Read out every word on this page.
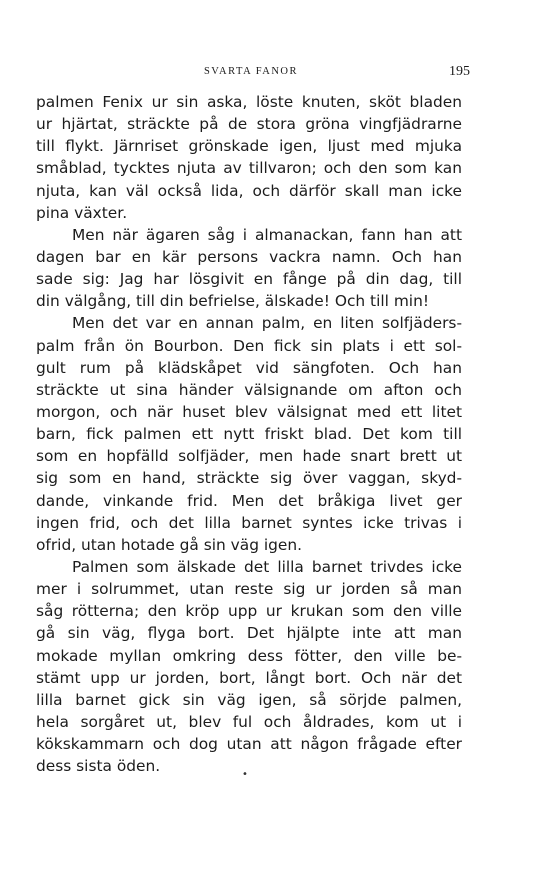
SVARTA FANOR	195
palmen Fenix ur sin aska, löste knuten, sköt bladen
ur hjärtat, sträckte på de stora gröna vingfjädrarne
till flykt. Järnriset grönskade igen, ljust med mjuka
småblad, tycktes njuta av tillvaron; och den som kan
njuta, kan väl också lida, och därför skall man icke
pina växter.
Men när ägaren såg i almanackan, fann han att
dagen bar en kär persons vackra namn. Och han
sade sig: Jag har lösgivit en fånge på din dag, till
din välgång, till din befrielse, älskade! Och till min!
Men det var en annan palm, en liten solfjäders-
palm från ön Bourbon. Den fick sin plats i ett sol-
gult rum på klädskåpet vid sängfoten. Och han
sträckte ut sina händer välsignande om afton och
morgon, och när huset blev välsignat med ett litet
barn, fick palmen ett nytt friskt blad. Det kom till
som en hopfälld solfjäder, men hade snart brett ut
sig som en hand, sträckte sig över vaggan, skyd-
dande, vinkande frid. Men det bråkiga livet ger
ingen frid, och det lilla barnet syntes icke trivas i
ofrid, utan hotade gå sin väg igen.
Palmen som älskade det lilla barnet trivdes icke
mer i solrummet, utan reste sig ur jorden så man
såg rötterna; den kröp upp ur krukan som den ville
gå sin väg, flyga bort. Det hjälpte inte att man
mokade myllan omkring dess fötter, den ville be-
stämt upp ur jorden, bort, långt bort. Och när det
lilla barnet gick sin väg igen, så sörjde palmen,
hela sorgåret ut, blev ful och åldrades, kom ut i
kökskammarn och dog utan att någon frågade efter
dess sista öden.	•
